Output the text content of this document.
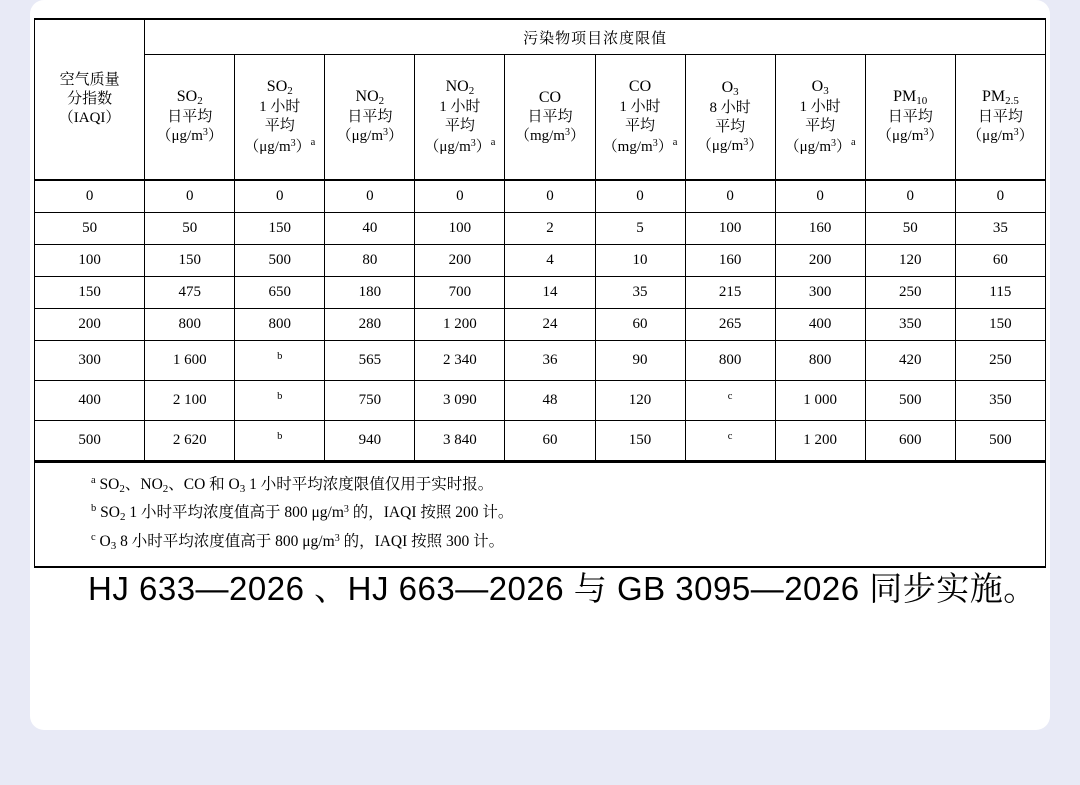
空气质量
分指数
（IAQI）	污染物项目浓度限值									

$SO_2$
日平均
$(\mu g/m^3)$

$SO_2$
1 小时
平均
$(\mu g/m^3)^a$

$NO_2$
日平均
$(\mu g/m^3)$

$NO_2$
1 小时
平均
$(\mu g/m^3)^a$

CO
日平均
$(mg/m^3)$

CO
1 小时
平均
$(mg/m^3)^a$

$O_3$
8 小时
平均
$(\mu g/m^3)$

$O_3$
1 小时
平均
$(\mu g/m^3)^a$

$PM_{10}$
日平均
$(\mu g/m^3)$

$PM_{2.5}$
日平均
$(\mu g/m^3)$

0	0	0	0	0	0	0	0	0	0	0
50	50	150	40	100	2	5	100	160	50	35
100	150	500	80	200	4	10	160	200	120	60
150	475	650	180	700	14	35	215	300	250	115
200	800	800	280	1 200	24	60	265	400	350	150
300	1 600	$^b$	565	2 340	36	90	800	800	420	250
400	2 100	$^b$	750	3 090	48	120	$^c$	1 000	500	350
500	2 620	$^b$	940	3 840	60	150	$^c$	1 200	600	500
$^a$ $SO_2$、$NO_2$、CO 和 $O_3$ 1 小时平均浓度限值仅用于实时报。
$^b$ $SO_2$ 1 小时平均浓度值高于 800 $\mu g/m^3$ 的，IAQI 按照 200 计。
$^c$ $O_3$ 8 小时平均浓度值高于 800 $\mu g/m^3$ 的，IAQI 按照 300 计。
HJ 633—2026 、HJ 663—2026 与 GB 3095—2026 同步实施。
